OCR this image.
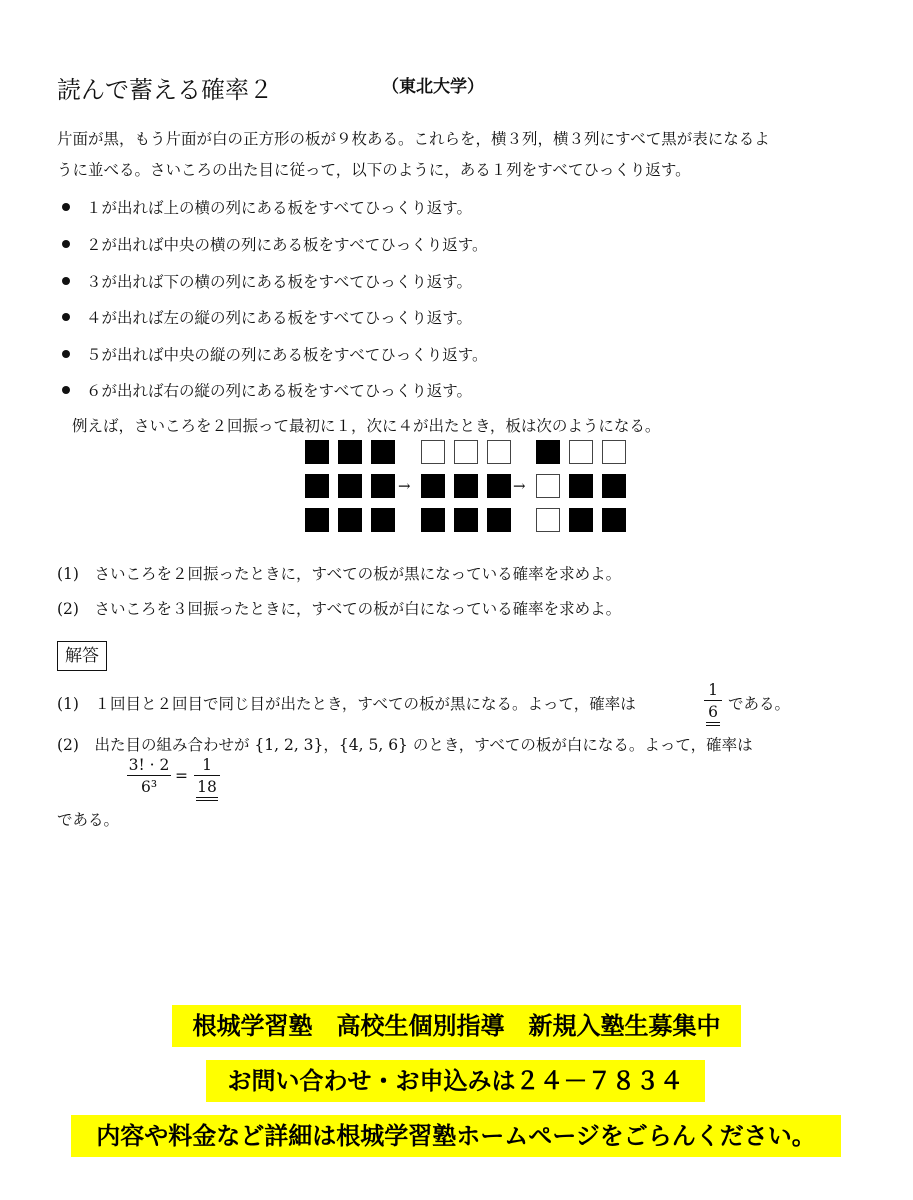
読んで蓄える確率２	（東北大学）
片面が黒，もう片面が白の正方形の板が９枚ある。これらを，横３列，横３列にすべて黒が表になるよ
うに並べる。さいころの出た目に従って，以下のように，ある１列をすべてひっくり返す。
１が出れば上の横の列にある板をすべてひっくり返す。
２が出れば中央の横の列にある板をすべてひっくり返す。
３が出れば下の横の列にある板をすべてひっくり返す。
４が出れば左の縦の列にある板をすべてひっくり返す。
５が出れば中央の縦の列にある板をすべてひっくり返す。
６が出れば右の縦の列にある板をすべてひっくり返す。
例えば，さいころを２回振って最初に１，次に４が出たとき，板は次のようになる。
→	→
(1)　さいころを２回振ったときに，すべての板が黒になっている確率を求めよ。
(2)　さいころを３回振ったときに，すべての板が白になっている確率を求めよ。
解答
(1)　１回目と２回目で同じ目が出たとき，すべての板が黒になる。よって，確率は
1
6 である。
(2)　出た目の組み合わせが {1, 2, 3}，{4, 5, 6} のとき，すべての板が白になる。よって，確率は
3! · 2
6³
=
1
18
である。
根城学習塾　高校生個別指導　新規入塾生募集中
お問い合わせ・お申込みは２４－７８３４
内容や料金など詳細は根城学習塾ホームページをごらんください。
